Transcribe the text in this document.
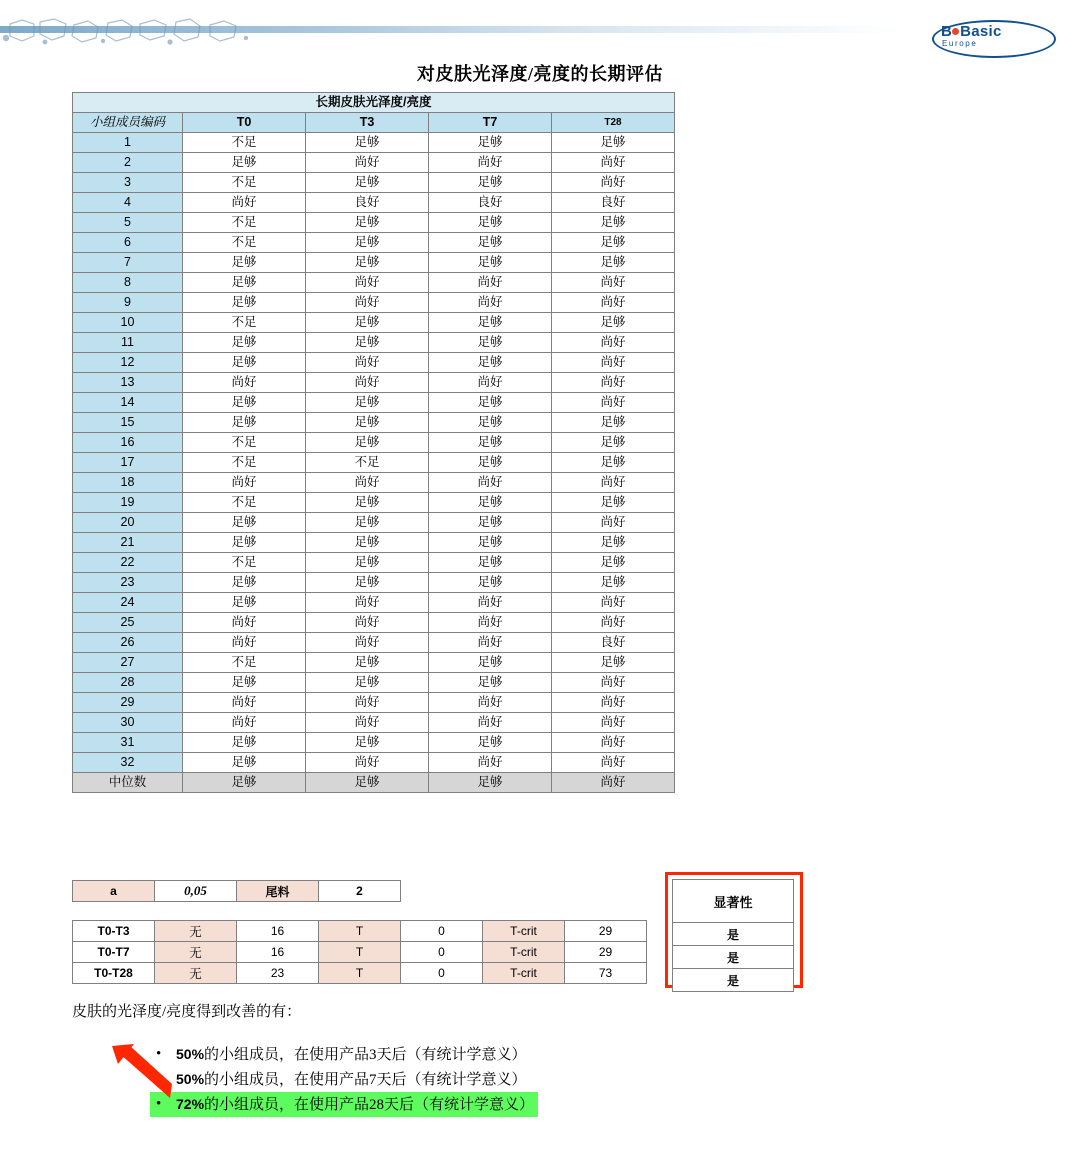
B Basic
Europe
对皮肤光泽度/亮度的长期评估
长期皮肤光泽度/亮度				
小组成员编码	T0	T3	T7	T28
1	不足	足够	足够	足够
2	足够	尚好	尚好	尚好
3	不足	足够	足够	尚好
4	尚好	良好	良好	良好
5	不足	足够	足够	足够
6	不足	足够	足够	足够
7	足够	足够	足够	足够
8	足够	尚好	尚好	尚好
9	足够	尚好	尚好	尚好
10	不足	足够	足够	足够
11	足够	足够	足够	尚好
12	足够	尚好	足够	尚好
13	尚好	尚好	尚好	尚好
14	足够	足够	足够	尚好
15	足够	足够	足够	足够
16	不足	足够	足够	足够
17	不足	不足	足够	足够
18	尚好	尚好	尚好	尚好
19	不足	足够	足够	足够
20	足够	足够	足够	尚好
21	足够	足够	足够	足够
22	不足	足够	足够	足够
23	足够	足够	足够	足够
24	足够	尚好	尚好	尚好
25	尚好	尚好	尚好	尚好
26	尚好	尚好	尚好	良好
27	不足	足够	足够	足够
28	足够	足够	足够	尚好
29	尚好	尚好	尚好	尚好
30	尚好	尚好	尚好	尚好
31	足够	足够	足够	尚好
32	足够	尚好	尚好	尚好
中位数	足够	足够	足够	尚好
a	0,05	尾料	2
T0-T3	无	16	T	0	T-crit	29
T0-T7	无	16	T	0	T-crit	29
T0-T28	无	23	T	0	T-crit	73
显著性
是
是
是
皮肤的光泽度/亮度得到改善的有：
• 50%的小组成员，在使用产品3天后（有统计学意义）
• 50%的小组成员，在使用产品7天后（有统计学意义）
• 72%的小组成员，在使用产品28天后（有统计学意义）
